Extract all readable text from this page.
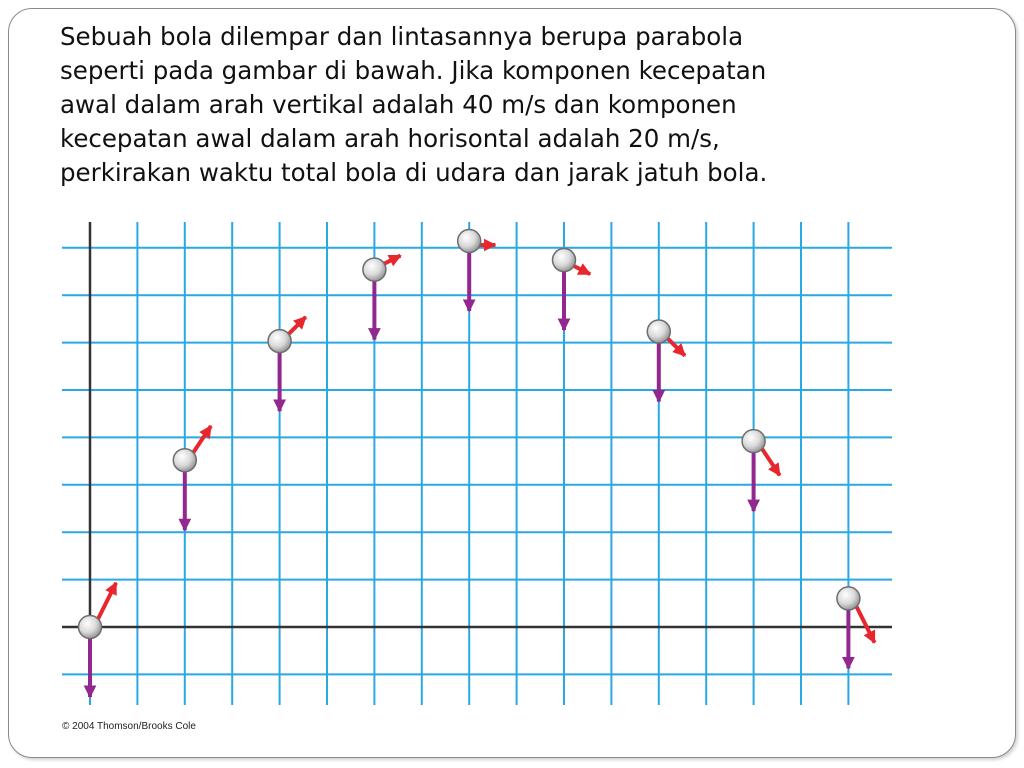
Sebuah bola dilempar dan lintasannya berupa parabola
seperti pada gambar di bawah. Jika komponen kecepatan
awal dalam arah vertikal adalah 40 m/s dan komponen
kecepatan awal dalam arah horisontal adalah 20 m/s,
perkirakan waktu total bola di udara dan jarak jatuh bola.

© 2004 Thomson/Brooks Cole
